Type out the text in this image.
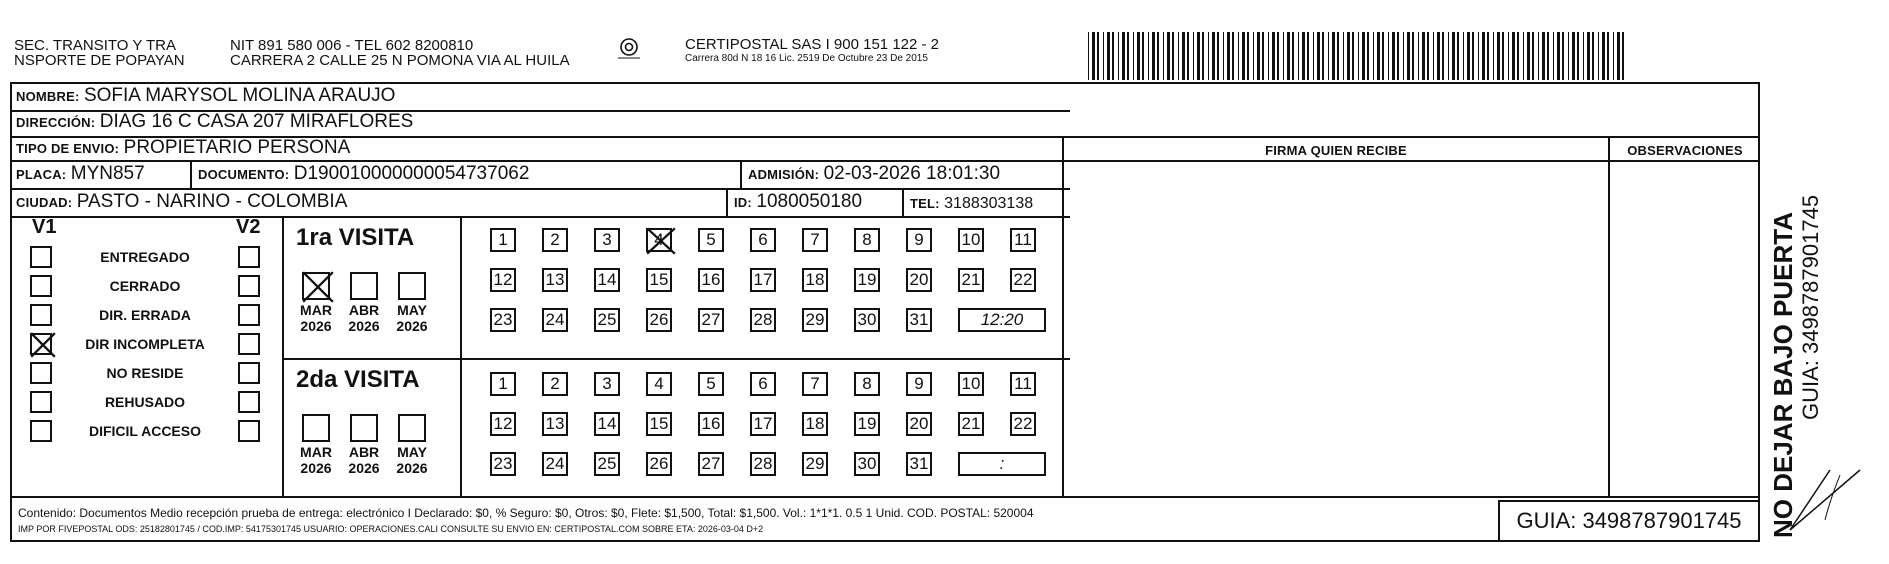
SEC. TRANSITO Y TRA
NSPORTE DE POPAYAN
NIT 891 580 006 - TEL 602 8200810
CARRERA 2 CALLE 25 N POMONA VIA AL HUILA
CERTIPOSTAL SAS I 900 151 122 - 2
Carrera 80d N 18 16 Lic. 2519 De Octubre 23 De 2015
NOMBRE: SOFIA MARYSOL MOLINA ARAUJO
DIRECCIÓN: DIAG 16 C CASA 207 MIRAFLORES
TIPO DE ENVIO: PROPIETARIO PERSONA
PLACA: MYN857	DOCUMENTO: D190010000000054737062	ADMISIÓN: 02-03-2026 18:01:30
CIUDAD: PASTO - NARINO - COLOMBIA	ID: 1080050180	TEL: 3188303138
FIRMA QUIEN RECIBE	OBSERVACIONES
V1	V2
ENTREGADO
CERRADO
DIR. ERRADA
DIR INCOMPLETA
NO RESIDE
REHUSADO
DIFICIL ACCESO
1ra VISITA
MAR
2026
ABR
2026
MAY
2026
1	2	3	4	5	6	7	8	9	10 11
12 13 14 15 16 17 18 19 20 21 22
23 24 25 26 27 28 29 30 31	12:20
2da VISITA
MAR
2026
ABR
2026
MAY
2026
1	2	3	4	5	6	7	8	9	10 11
12 13 14 15 16 17 18 19 20 21 22
23 24 25 26 27 28 29 30 31	:
Contenido: Documentos Medio recepción prueba de entrega: electrónico I Declarado: $0, % Seguro: $0, Otros: $0, Flete: $1,500, Total: $1,500. Vol.: 1*1*1. 0.5 1 Unid. COD. POSTAL: 520004
IMP POR FIVEPOSTAL ODS: 25182801745 / COD.IMP: 54175301745 USUARIO: OPERACIONES.CALI CONSULTE SU ENVIO EN: CERTIPOSTAL.COM SOBRE ETA: 2026-03-04 D+2	GUIA: 3498787901745	NO DEJAR BAJO PUERTA GUIA: 3498787901745
